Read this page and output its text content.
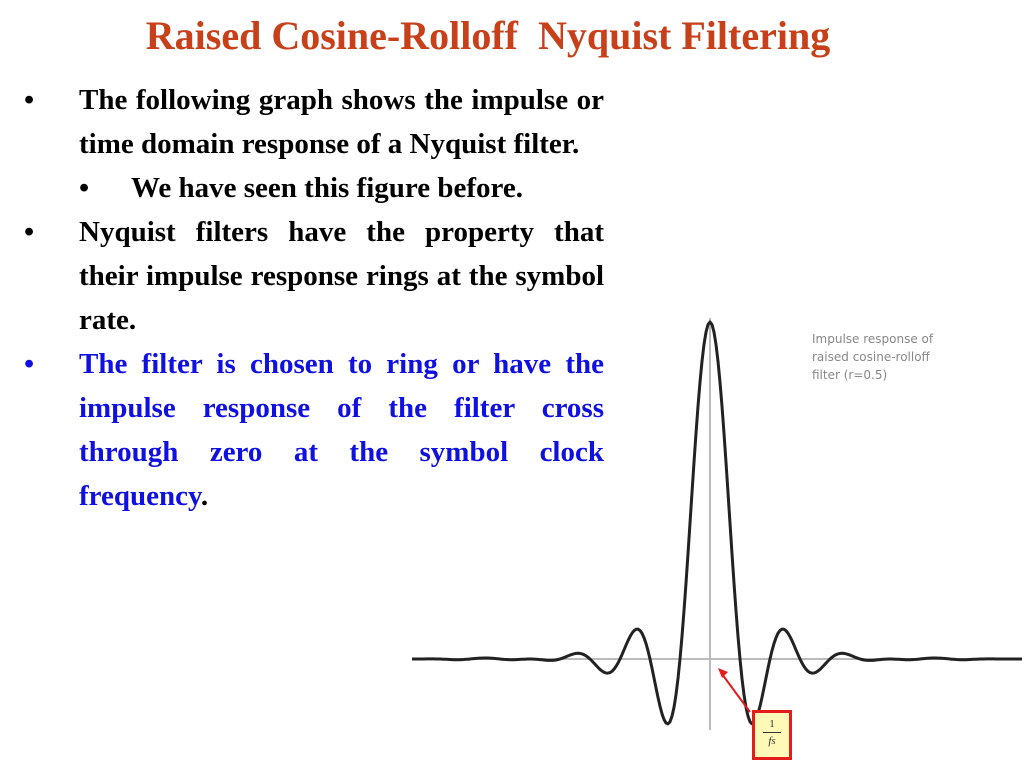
Raised Cosine-Rolloff  Nyquist Filtering
•	The following graph shows the impulse or time domain response of a Nyquist filter.
•	We have seen this figure before.
•	Nyquist filters have the property that their impulse response rings at the symbol rate.
•	The filter is chosen to ring or have the impulse response of the filter cross through zero at the symbol clock frequency.
Impulse response of
raised cosine-rolloff
filter (r=0.5)
1
fs
